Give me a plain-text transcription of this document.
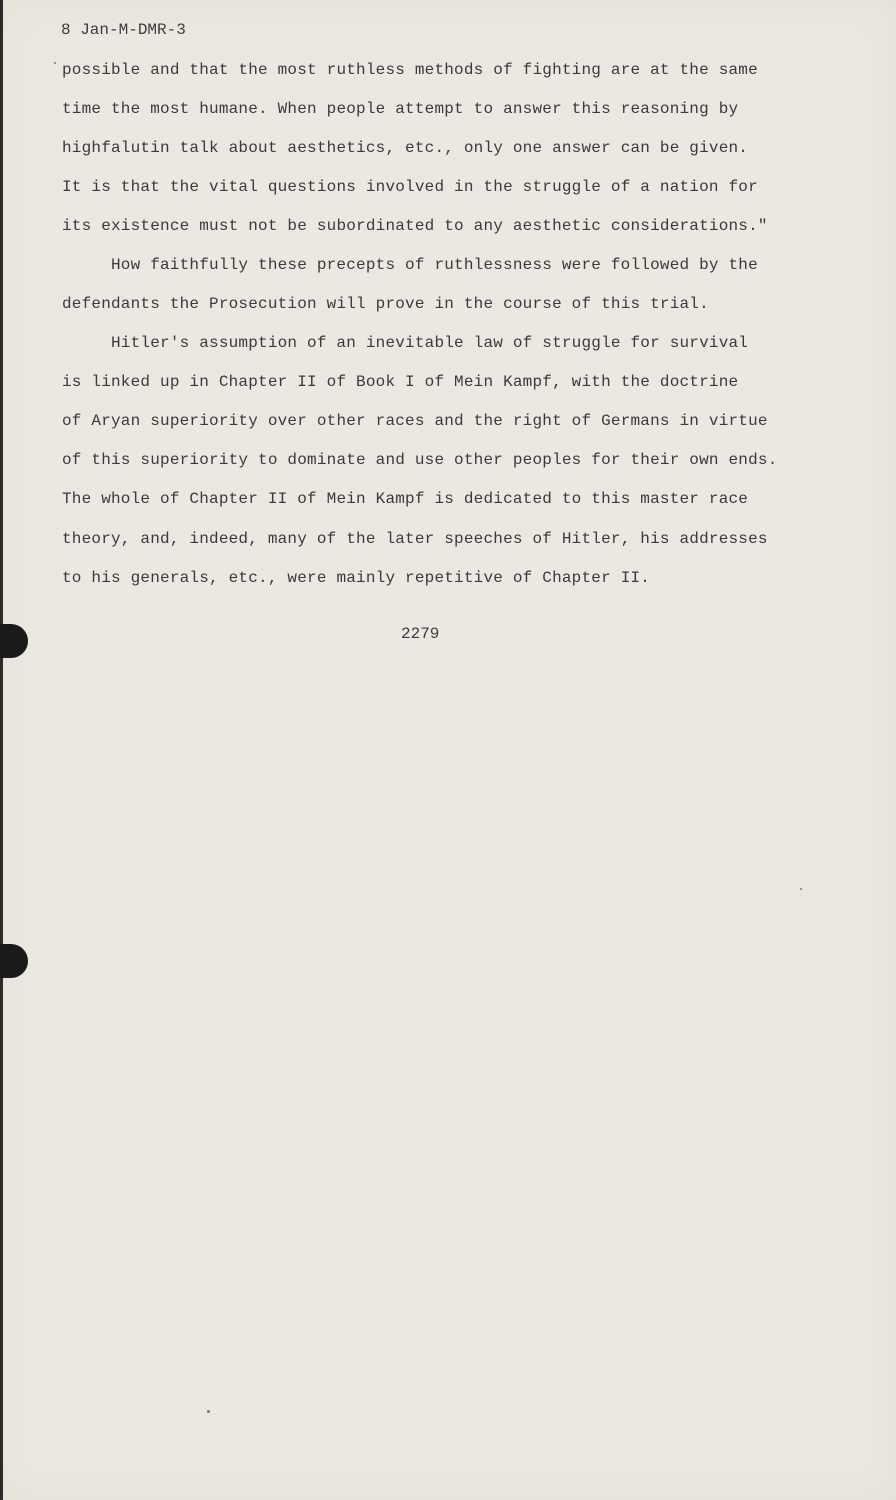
8 Jan-M-DMR-3
possible and that the most ruthless methods of fighting are at the same
time the most humane. When people attempt to answer this reasoning by
highfalutin talk about aesthetics, etc., only one answer can be given.
It is that the vital questions involved in the struggle of a nation for
its existence must not be subordinated to any aesthetic considerations."
How faithfully these precepts of ruthlessness were followed by the
defendants the Prosecution will prove in the course of this trial.
Hitler's assumption of an inevitable law of struggle for survival
is linked up in Chapter II of Book I of Mein Kampf, with the doctrine
of Aryan superiority over other races and the right of Germans in virtue
of this superiority to dominate and use other peoples for their own ends.
The whole of Chapter II of Mein Kampf is dedicated to this master race
theory, and, indeed, many of the later speeches of Hitler, his addresses
to his generals, etc., were mainly repetitive of Chapter II.
2279
